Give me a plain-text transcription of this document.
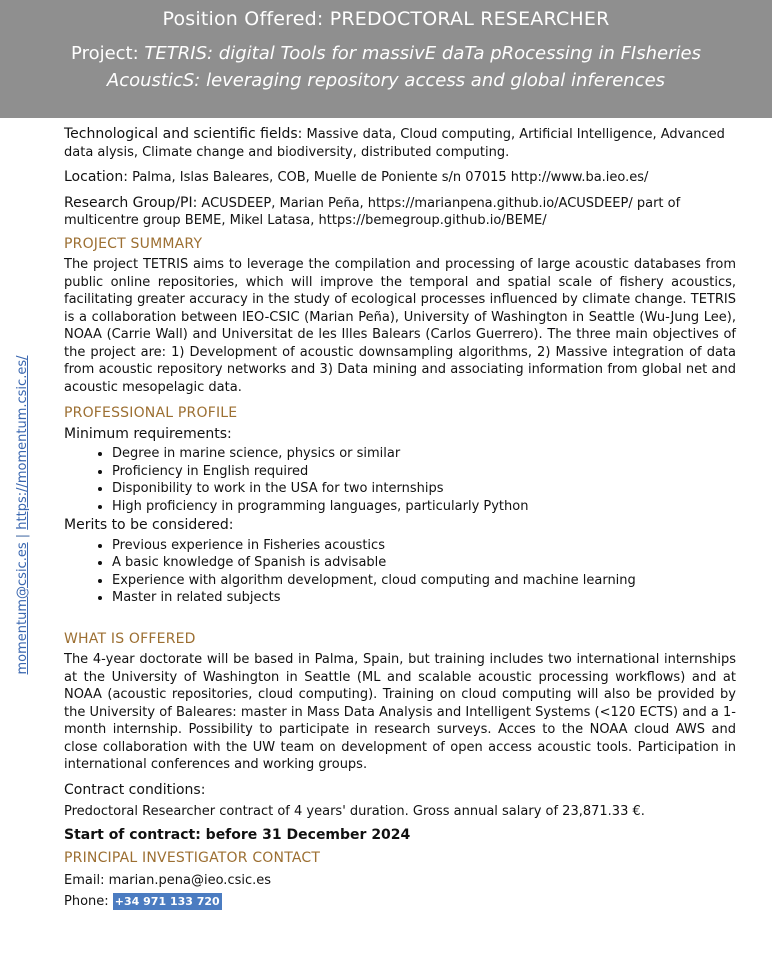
Position Offered: PREDOCTORAL RESEARCHER
Project: TETRIS: digital Tools for massivE daTa pRocessing in FIsheries
AcousticS: leveraging repository access and global inferences
momentum@csic.es | https://momentum.csic.es/

Technological and scientific fields: Massive data, Cloud computing, Artificial Intelligence, Advanced data alysis, Climate change and biodiversity, distributed computing.

Location: Palma, Islas Baleares, COB, Muelle de Poniente s/n 07015 http://www.ba.ieo.es/

Research Group/PI: ACUSDEEP, Marian Peña, https://marianpena.github.io/ACUSDEEP/ part of multicentre group BEME, Mikel Latasa, https://bemegroup.github.io/BEME/

PROJECT SUMMARY

The project TETRIS aims to leverage the compilation and processing of large acoustic databases from public online repositories, which will improve the temporal and spatial scale of fishery acoustics, facilitating greater accuracy in the study of ecological processes influenced by climate change. TETRIS is a collaboration between IEO-CSIC (Marian Peña), University of Washington in Seattle (Wu-Jung Lee), NOAA (Carrie Wall) and Universitat de les Illes Balears (Carlos Guerrero). The three main objectives of the project are: 1) Development of acoustic downsampling algorithms, 2) Massive integration of data from acoustic repository networks and 3) Data mining and associating information from global net and acoustic mesopelagic data.

PROFESSIONAL PROFILE
Minimum requirements:
• Degree in marine science, physics or similar
• Proficiency in English required
• Disponibility to work in the USA for two internships
• High proficiency in programming languages, particularly Python
Merits to be considered:
• Previous experience in Fisheries acoustics
• A basic knowledge of Spanish is advisable
• Experience with algorithm development, cloud computing and machine learning
• Master in related subjects
WHAT IS OFFERED

The 4-year doctorate will be based in Palma, Spain, but training includes two international internships at the University of Washington in Seattle (ML and scalable acoustic processing workflows) and at NOAA (acoustic repositories, cloud computing). Training on cloud computing will also be provided by the University of Baleares: master in Mass Data Analysis and Intelligent Systems (<120 ECTS) and a 1-month internship. Possibility to participate in research surveys. Acces to the NOAA cloud AWS and close collaboration with the UW team on development of open access acoustic tools. Participation in international conferences and working groups.

Contract conditions:

Predoctoral Researcher contract of 4 years' duration. Gross annual salary of 23,871.33 €.

Start of contract: before 31 December 2024
PRINCIPAL INVESTIGATOR CONTACT

Email: marian.pena@ieo.csic.es

Phone: +34 971 133 720
